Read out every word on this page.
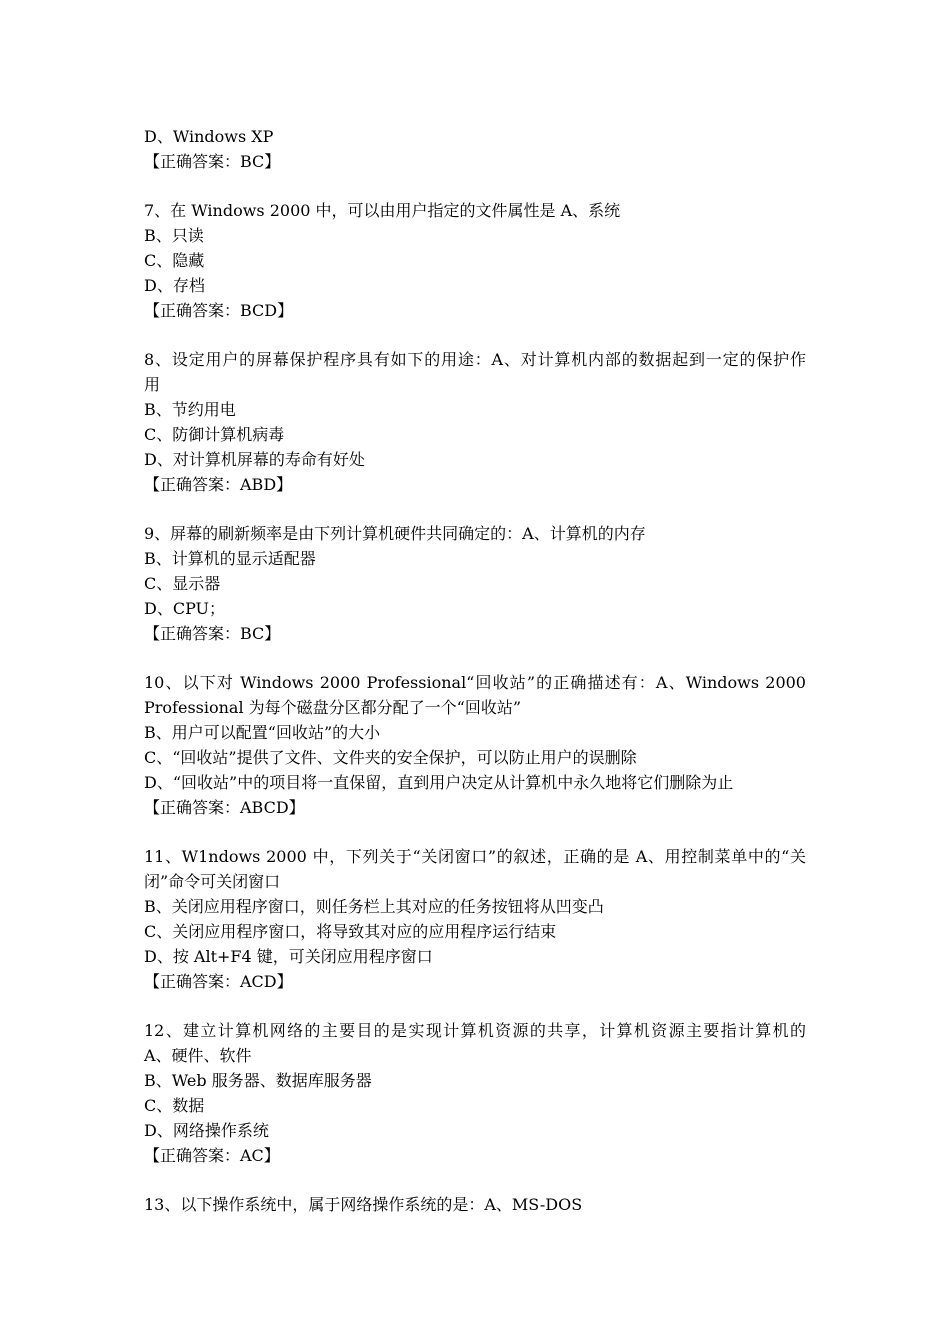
D、Windows XP
【正确答案：BC】
7、在 Windows 2000 中，可以由用户指定的文件属性是 A、系统
B、只读
C、隐藏
D、存档
【正确答案：BCD】
8、设定用户的屏幕保护程序具有如下的用途：A、对计算机内部的数据起到一定的保护作
用
B、节约用电
C、防御计算机病毒
D、对计算机屏幕的寿命有好处
【正确答案：ABD】
9、屏幕的刷新频率是由下列计算机硬件共同确定的：A、计算机的内存
B、计算机的显示适配器
C、显示器
D、CPU；
【正确答案：BC】
10、以下对 Windows 2000 Professional“回收站”的正确描述有：A、Windows 2000
Professional 为每个磁盘分区都分配了一个“回收站”
B、用户可以配置“回收站”的大小
C、“回收站”提供了文件、文件夹的安全保护，可以防止用户的误删除
D、“回收站”中的项目将一直保留，直到用户决定从计算机中永久地将它们删除为止
【正确答案：ABCD】
11、W1ndows 2000 中，下列关于“关闭窗口”的叙述，正确的是 A、用控制菜单中的“关
闭”命令可关闭窗口
B、关闭应用程序窗口，则任务栏上其对应的任务按钮将从凹变凸
C、关闭应用程序窗口，将导致其对应的应用程序运行结束
D、按 Alt+F4 键，可关闭应用程序窗口
【正确答案：ACD】
12、建立计算机网络的主要目的是实现计算机资源的共享，计算机资源主要指计算机的
A、硬件、软件
B、Web 服务器、数据库服务器
C、数据
D、网络操作系统
【正确答案：AC】
13、以下操作系统中，属于网络操作系统的是：A、MS-DOS
